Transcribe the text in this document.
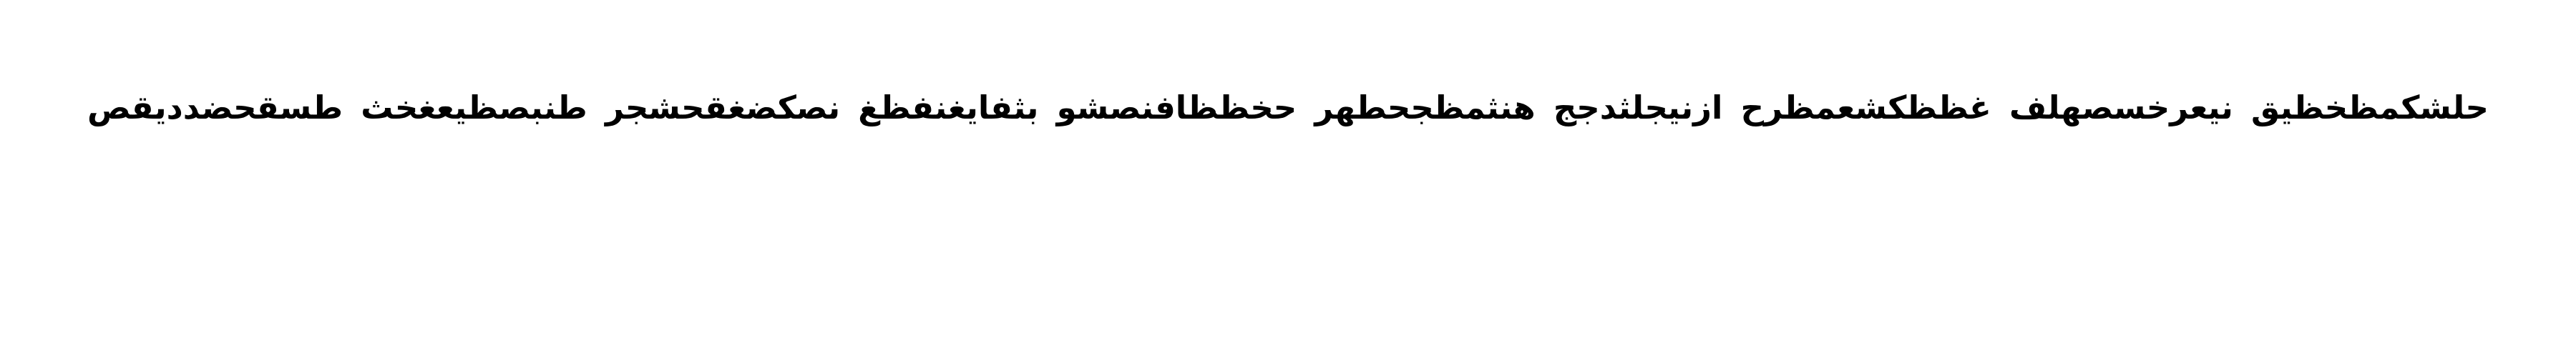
حلشكمظخظيق نيعرخسصهلف غظظكشعمظرح ازنيجلثدجج هنثمظجحطهر حخظظافنصشو بثفايغنفظغ نصكضغقحشجر طنبصظيعغخث طسقحضدديقص
